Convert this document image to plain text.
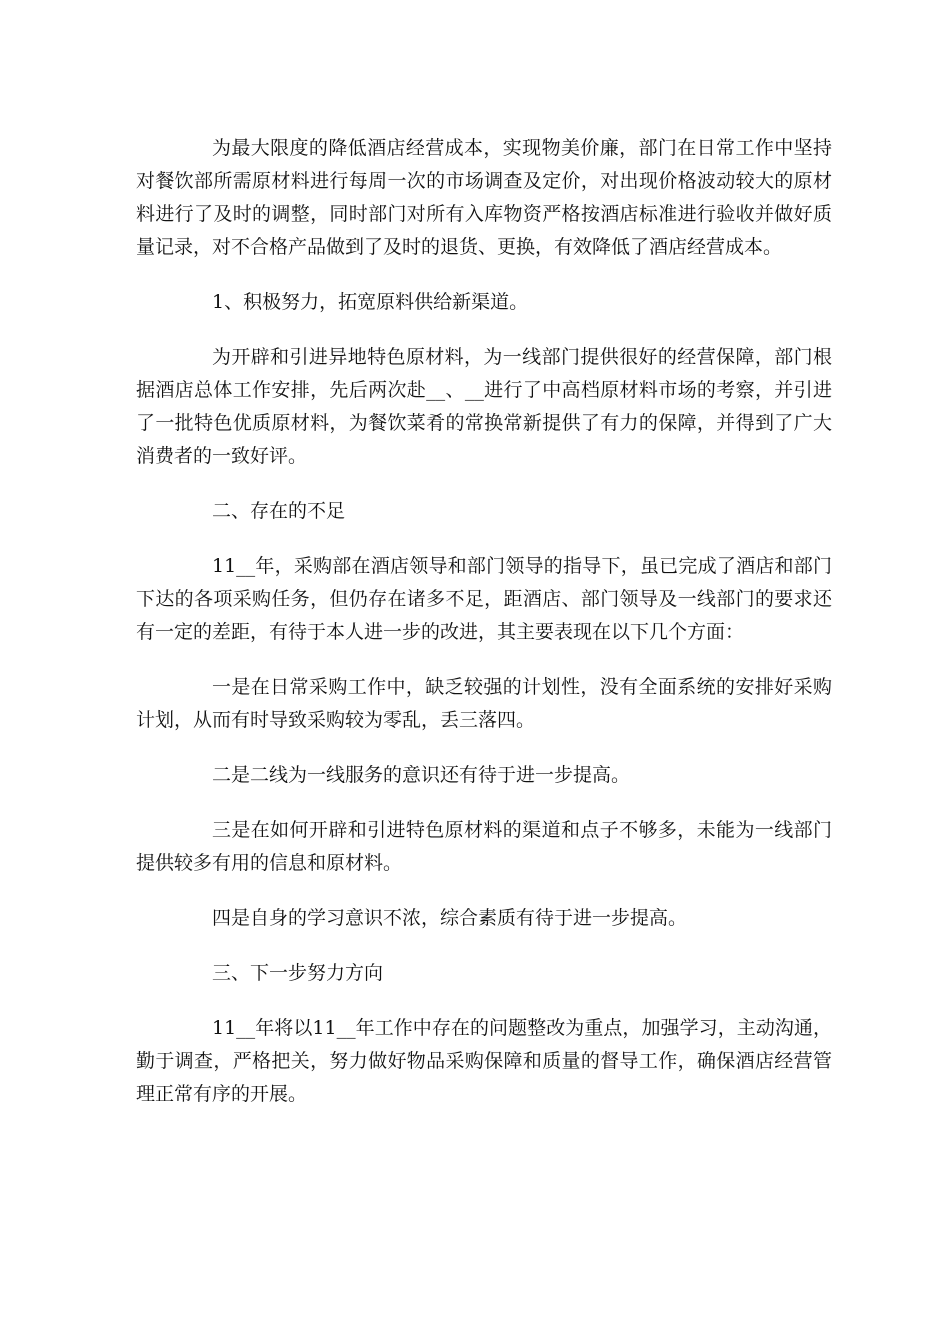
为最大限度的降低酒店经营成本，实现物美价廉，部门在日常工作中坚持对餐饮部所需原材料进行每周一次的市场调查及定价，对出现价格波动较大的原材料进行了及时的调整，同时部门对所有入库物资严格按酒店标准进行验收并做好质量记录，对不合格产品做到了及时的退货、更换，有效降低了酒店经营成本。

1、积极努力，拓宽原料供给新渠道。

为开辟和引进异地特色原材料，为一线部门提供很好的经营保障，部门根据酒店总体工作安排，先后两次赴__、__进行了中高档原材料市场的考察，并引进了一批特色优质原材料，为餐饮菜肴的常换常新提供了有力的保障，并得到了广大消费者的一致好评。

二、存在的不足

11__年，采购部在酒店领导和部门领导的指导下，虽已完成了酒店和部门下达的各项采购任务，但仍存在诸多不足，距酒店、部门领导及一线部门的要求还有一定的差距，有待于本人进一步的改进，其主要表现在以下几个方面：

一是在日常采购工作中，缺乏较强的计划性，没有全面系统的安排好采购计划，从而有时导致采购较为零乱，丢三落四。

二是二线为一线服务的意识还有待于进一步提高。

三是在如何开辟和引进特色原材料的渠道和点子不够多，未能为一线部门提供较多有用的信息和原材料。

四是自身的学习意识不浓，综合素质有待于进一步提高。

三、下一步努力方向

11__年将以11__年工作中存在的问题整改为重点，加强学习，主动沟通，勤于调查，严格把关，努力做好物品采购保障和质量的督导工作，确保酒店经营管理正常有序的开展。
